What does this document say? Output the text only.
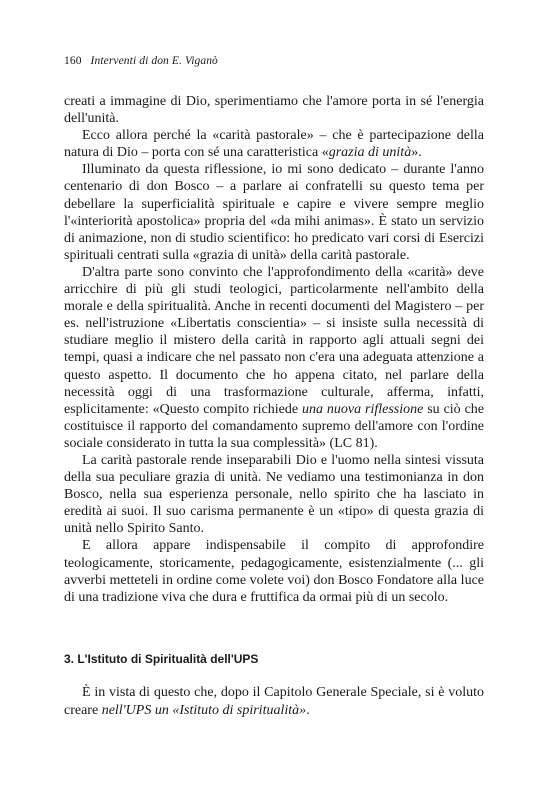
160 Interventi di don E. Viganò

creati a immagine di Dio, sperimentiamo che l'amore porta in sé l'energia dell'unità.

Ecco allora perché la «carità pastorale» – che è partecipazione della natura di Dio – porta con sé una caratteristica «grazia di unità».

Illuminato da questa riflessione, io mi sono dedicato – durante l'anno centenario di don Bosco – a parlare ai confratelli su questo tema per debellare la superficialità spirituale e capire e vivere sempre meglio l'«interiorità apostolica» propria del «da mihi animas». È stato un servizio di animazione, non di studio scientifico: ho predicato vari corsi di Esercizi spirituali centrati sulla «grazia di unità» della carità pastorale.

D'altra parte sono convinto che l'approfondimento della «carità» deve arricchire di più gli studi teologici, particolarmente nell'ambito della morale e della spiritualità. Anche in recenti documenti del Magistero – per es. nell'istruzione «Libertatis conscientia» – si insiste sulla necessità di studiare meglio il mistero della carità in rapporto agli attuali segni dei tempi, quasi a indicare che nel passato non c'era una adeguata attenzione a questo aspetto. Il documento che ho appena citato, nel parlare della necessità oggi di una trasformazione culturale, afferma, infatti, esplicitamente: «Questo compito richiede una nuova riflessione su ciò che costituisce il rapporto del comandamento supremo dell'amore con l'ordine sociale considerato in tutta la sua complessità» (LC 81).

La carità pastorale rende inseparabili Dio e l'uomo nella sintesi vissuta della sua peculiare grazia di unità. Ne vediamo una testimonianza in don Bosco, nella sua esperienza personale, nello spirito che ha lasciato in eredità ai suoi. Il suo carisma permanente è un «tipo» di questa grazia di unità nello Spirito Santo.

E allora appare indispensabile il compito di approfondire teologicamente, storicamente, pedagogicamente, esistenzialmente (... gli avverbi metteteli in ordine come volete voi) don Bosco Fondatore alla luce di una tradizione viva che dura e fruttifica da ormai più di un secolo.

3. L'Istituto di Spiritualità dell'UPS

È in vista di questo che, dopo il Capitolo Generale Speciale, si è voluto creare nell'UPS un «Istituto di spiritualità».
